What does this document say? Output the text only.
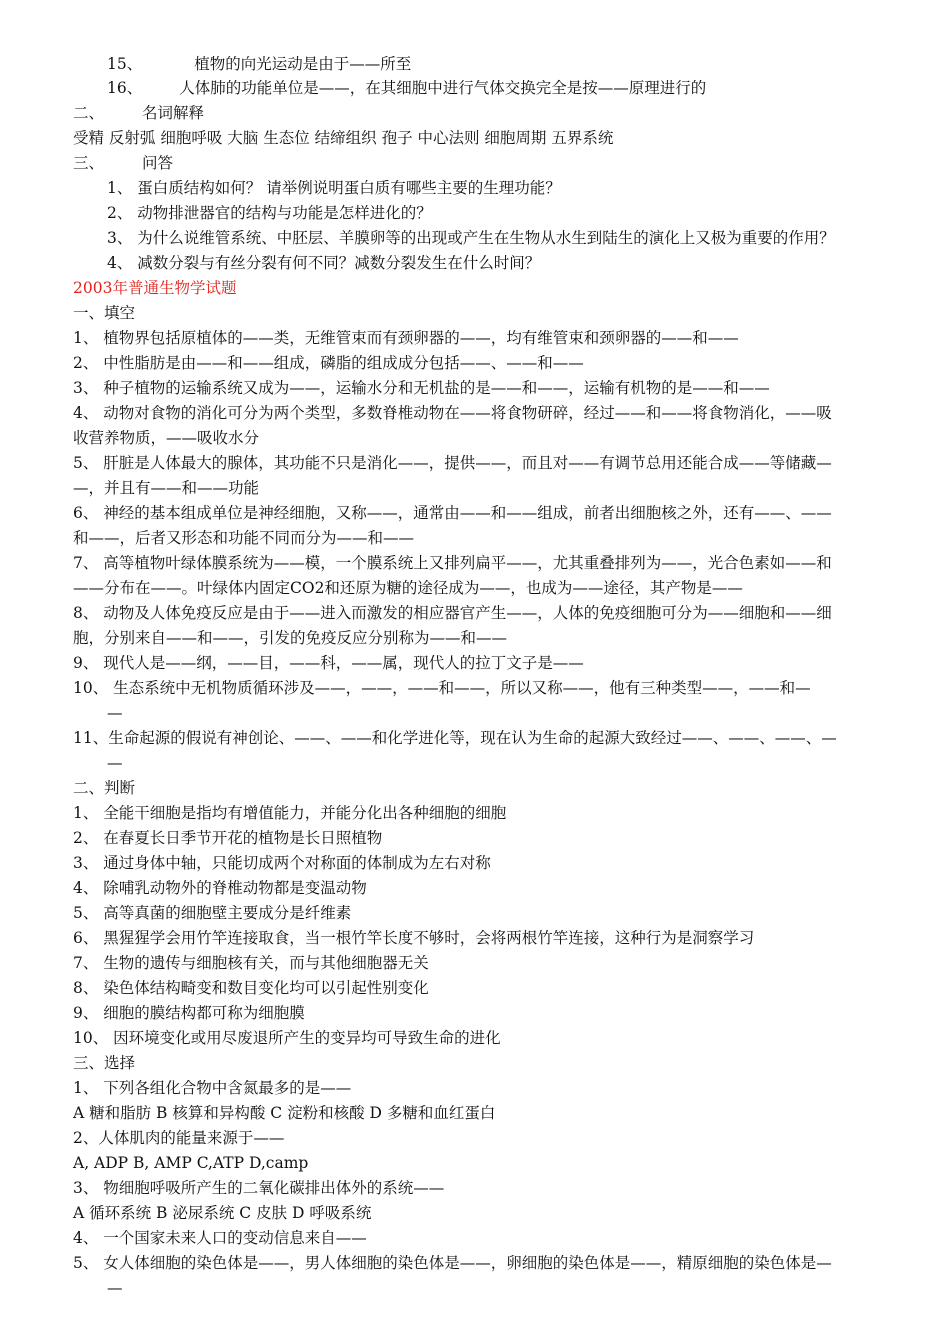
15、	植物的向光运动是由于——所至
16、 人体肺的功能单位是——，在其细胞中进行气体交换完全是按——原理进行的
二、 名词解释
受精 反射弧 细胞呼吸 大脑 生态位 结缔组织 孢子 中心法则 细胞周期 五界系统
三、 问答
1、 蛋白质结构如何？ 请举例说明蛋白质有哪些主要的生理功能？
2、 动物排泄器官的结构与功能是怎样进化的？
3、 为什么说维管系统、中胚层、羊膜卵等的出现或产生在生物从水生到陆生的演化上又极为重要的作用？
4、 减数分裂与有丝分裂有何不同？减数分裂发生在什么时间？
2003年普通生物学试题
一、填空
1、 植物界包括原植体的——类，无维管束而有颈卵器的——，均有维管束和颈卵器的——和——
2、 中性脂肪是由——和——组成，磷脂的组成成分包括——、——和——
3、 种子植物的运输系统又成为——，运输水分和无机盐的是——和——，运输有机物的是——和——
4、 动物对食物的消化可分为两个类型，多数脊椎动物在——将食物研碎，经过——和——将食物消化，——吸
收营养物质，——吸收水分
5、 肝脏是人体最大的腺体，其功能不只是消化——，提供——，而且对——有调节总用还能合成——等储藏—
—，并且有——和——功能
6、 神经的基本组成单位是神经细胞，又称——，通常由——和——组成，前者出细胞核之外，还有——、——
和——，后者又形态和功能不同而分为——和——
7、 高等植物叶绿体膜系统为——模，一个膜系统上又排列扁平——，尤其重叠排列为——，光合色素如——和
——分布在——。叶绿体内固定CO2和还原为糖的途径成为——，也成为——途径，其产物是——
8、 动物及人体免疫反应是由于——进入而激发的相应器官产生——，人体的免疫细胞可分为——细胞和——细
胞，分别来自——和——，引发的免疫反应分别称为——和——
9、 现代人是——纲，——目，——科，——属，现代人的拉丁文子是——
10、 生态系统中无机物质循环涉及——，——，——和——，所以又称——，他有三种类型——，——和—
—
11、生命起源的假说有神创论、——、——和化学进化等，现在认为生命的起源大致经过——、——、——、—
—
二、判断
1、 全能干细胞是指均有增值能力，并能分化出各种细胞的细胞
2、 在春夏长日季节开花的植物是长日照植物
3、 通过身体中轴，只能切成两个对称面的体制成为左右对称
4、 除哺乳动物外的脊椎动物都是变温动物
5、 高等真菌的细胞壁主要成分是纤维素
6、 黑猩猩学会用竹竿连接取食，当一根竹竿长度不够时，会将两根竹竿连接，这种行为是洞察学习
7、 生物的遗传与细胞核有关，而与其他细胞器无关
8、 染色体结构畸变和数目变化均可以引起性别变化
9、 细胞的膜结构都可称为细胞膜
10、 因环境变化或用尽废退所产生的变异均可导致生命的进化
三、选择
1、 下列各组化合物中含氮最多的是——
A 糖和脂肪 B 核算和异构酸 C 淀粉和核酸 D 多糖和血红蛋白
2、人体肌肉的能量来源于——
A, ADP B, AMP C,ATP D,camp
3、 物细胞呼吸所产生的二氧化碳排出体外的系统——
A 循环系统 B 泌尿系统 C 皮肤 D 呼吸系统
4、 一个国家未来人口的变动信息来自——
5、 女人体细胞的染色体是——，男人体细胞的染色体是——，卵细胞的染色体是——，精原细胞的染色体是—
—
